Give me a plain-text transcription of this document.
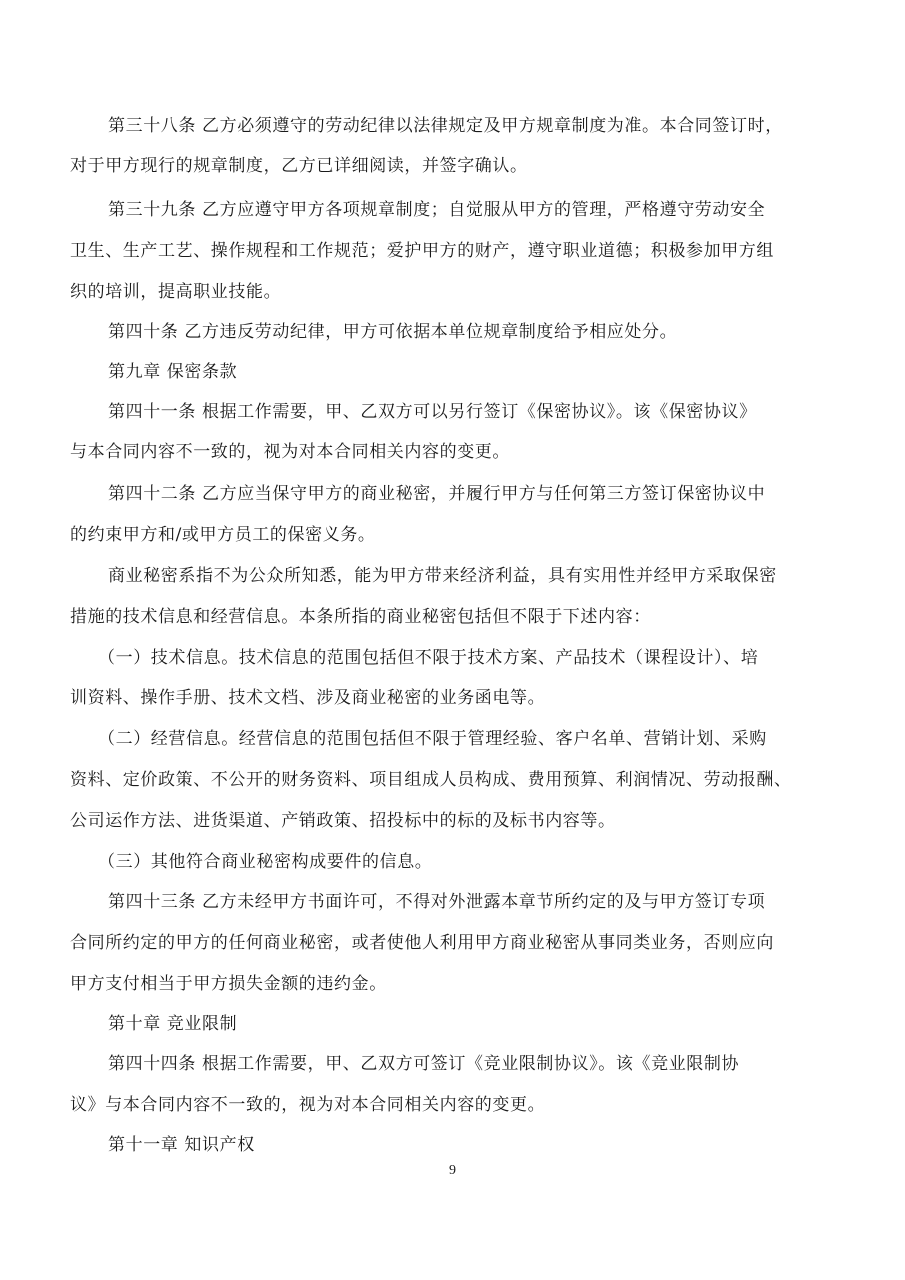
第三十八条 乙方必须遵守的劳动纪律以法律规定及甲方规章制度为准。本合同签订时，
对于甲方现行的规章制度，乙方已详细阅读，并签字确认。
第三十九条 乙方应遵守甲方各项规章制度；自觉服从甲方的管理，严格遵守劳动安全
卫生、生产工艺、操作规程和工作规范；爱护甲方的财产，遵守职业道德；积极参加甲方组
织的培训，提高职业技能。
第四十条 乙方违反劳动纪律，甲方可依据本单位规章制度给予相应处分。
第九章 保密条款
第四十一条 根据工作需要，甲、乙双方可以另行签订《保密协议》。该《保密协议》
与本合同内容不一致的，视为对本合同相关内容的变更。
第四十二条 乙方应当保守甲方的商业秘密，并履行甲方与任何第三方签订保密协议中
的约束甲方和/或甲方员工的保密义务。
商业秘密系指不为公众所知悉，能为甲方带来经济利益，具有实用性并经甲方采取保密
措施的技术信息和经营信息。本条所指的商业秘密包括但不限于下述内容：
（一）技术信息。技术信息的范围包括但不限于技术方案、产品技术（课程设计）、培
训资料、操作手册、技术文档、涉及商业秘密的业务函电等。
（二）经营信息。经营信息的范围包括但不限于管理经验、客户名单、营销计划、采购
资料、定价政策、不公开的财务资料、项目组成人员构成、费用预算、利润情况、劳动报酬、
公司运作方法、进货渠道、产销政策、招投标中的标的及标书内容等。
（三）其他符合商业秘密构成要件的信息。
第四十三条 乙方未经甲方书面许可，不得对外泄露本章节所约定的及与甲方签订专项
合同所约定的甲方的任何商业秘密，或者使他人利用甲方商业秘密从事同类业务，否则应向
甲方支付相当于甲方损失金额的违约金。
第十章 竞业限制
第四十四条 根据工作需要，甲、乙双方可签订《竞业限制协议》。该《竞业限制协
议》与本合同内容不一致的，视为对本合同相关内容的变更。
第十一章 知识产权
9
